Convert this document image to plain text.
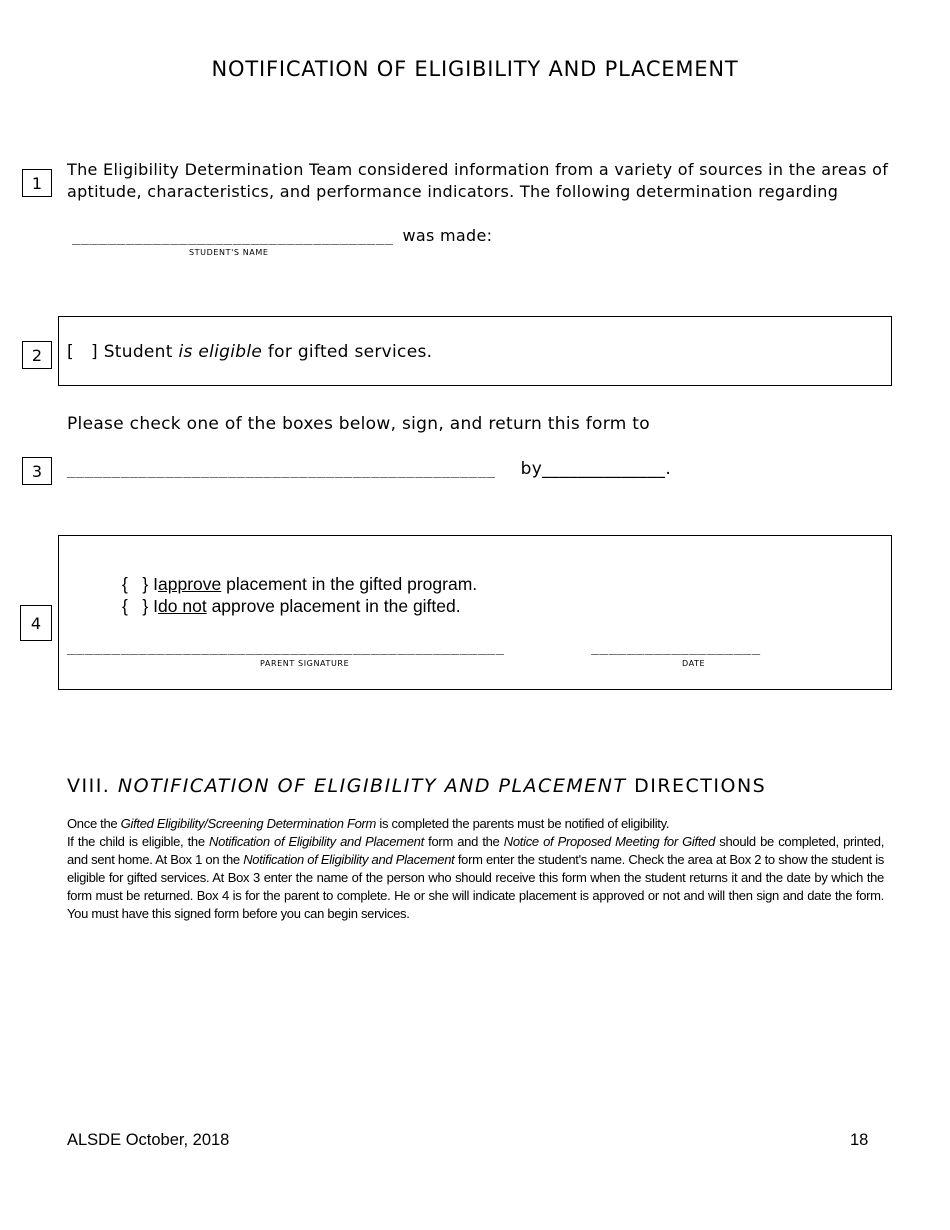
NOTIFICATION OF ELIGIBILITY AND PLACEMENT
1
The Eligibility Determination Team considered information from a variety of sources in the areas of
aptitude, characteristics, and performance indicators. The following determination regarding
____________________________________ was made:
STUDENT'S NAME
2	[   ] Student is eligible for gifted services.
Please check one of the boxes below, sign, and return this form to
3	________________________________________________ by______________.
4
{   } Iapprove placement in the gifted program.
{   } Ido not approve placement in the gifted.
_________________________________________________	___________________
PARENT SIGNATURE	DATE
VIII. NOTIFICATION OF ELIGIBILITY AND PLACEMENT DIRECTIONS
Once the Gifted Eligibility/Screening Determination Form is completed the parents must be notified of eligibility.
If the child is eligible, the Notification of Eligibility and Placement form and the Notice of Proposed Meeting for Gifted should be completed, printed, and sent home. At Box 1 on the Notification of Eligibility and Placement form enter the student's name. Check the area at Box 2 to show the student is eligible for gifted services. At Box 3 enter the name of the person who should receive this form when the student returns it and the date by which the form must be returned. Box 4 is for the parent to complete. He or she will indicate placement is approved or not and will then sign and date the form. You must have this signed form before you can begin services.
ALSDE October, 2018	18
